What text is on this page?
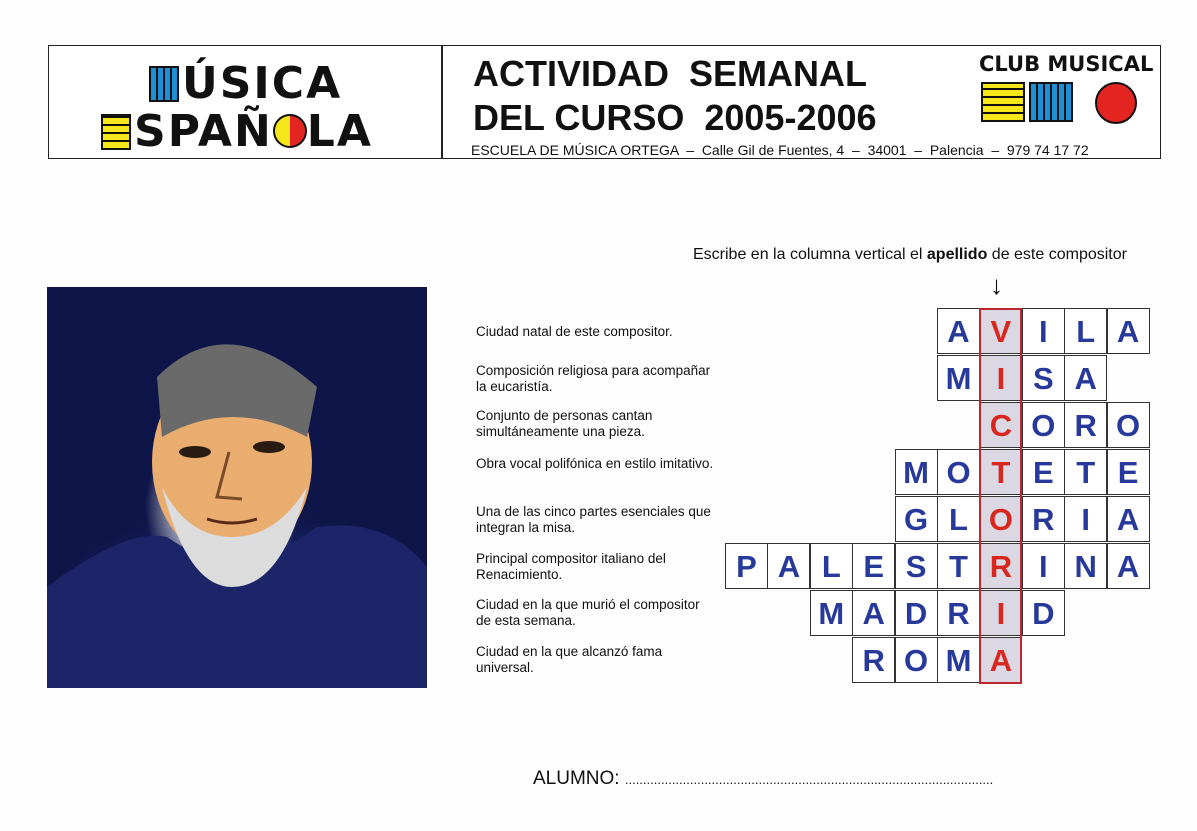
ÚSICA
SPAÑ LA
ACTIVIDAD  SEMANAL
DEL CURSO  2005-2006
ESCUELA DE MÚSICA ORTEGA  –  Calle Gil de Fuentes, 4  –  34001  –  Palencia  –  979 74 17 72
CLUB MUSICAL
Escribe en la columna vertical el apellido de este compositor
↓
Ciudad natal de este compositor.
Composición religiosa para acompañar la eucaristía.
Conjunto de personas cantan simultáneamente una pieza.
Obra vocal polifónica en estilo imitativo.
Una de las cinco partes esenciales que integran la misa.
Principal compositor italiano del Renacimiento.
Ciudad en la que murió el compositor de esta semana.
Ciudad en la que alcanzó fama universal.
A V I L A
M I S A
C O R O
M O T E T E
G L O R I A
P A L E S T R I N A
M A D R I D
R O M A
ALUMNO: ......................................................................................................
